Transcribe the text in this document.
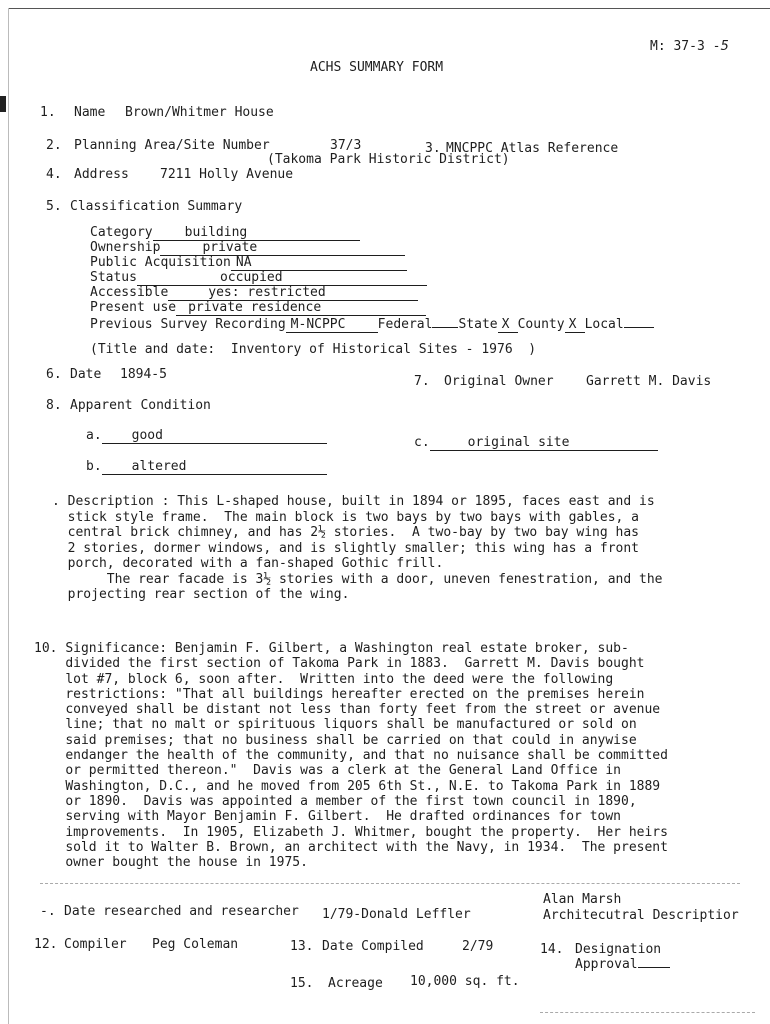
M: 37-3 -5
ACHS SUMMARY FORM
1. Name Brown/Whitmer House
2. Planning Area/Site Number	37/3	3. MNCPPC Atlas Reference
(Takoma Park Historic District)
4. Address 7211 Holly Avenue
5. Classification Summary
Category building
Ownership	private
Public Acquisition NA
Status	occupied
Accessible	yes: restricted
Present use private residence
Previous Survey Recording M-NCPPC Federal State X County X Local
(Title and date:  Inventory of Historical Sites - 1976  )
6. Date 1894-5	7. Original Owner Garrett M. Davis
8. Apparent Condition
a. good
b. altered
c.	original site
. Description : This L-shaped house, built in 1894 or 1895, faces east and is
stick style frame.  The main block is two bays by two bays with gables, a
central brick chimney, and has 2½ stories.  A two-bay by two bay wing has
2 stories, dormer windows, and is slightly smaller; this wing has a front
porch, decorated with a fan-shaped Gothic frill.
The rear facade is 3½ stories with a door, uneven fenestration, and the
projecting rear section of the wing.
10. Significance: Benjamin F. Gilbert, a Washington real estate broker, sub-
divided the first section of Takoma Park in 1883.  Garrett M. Davis bought
lot #7, block 6, soon after.  Written into the deed were the following
restrictions: "That all buildings hereafter erected on the premises herein
conveyed shall be distant not less than forty feet from the street or avenue
line; that no malt or spirituous liquors shall be manufactured or sold on
said premises; that no business shall be carried on that could in anywise
endanger the health of the community, and that no nuisance shall be committed
or permitted thereon."  Davis was a clerk at the General Land Office in
Washington, D.C., and he moved from 205 6th St., N.E. to Takoma Park in 1889
or 1890.  Davis was appointed a member of the first town council in 1890,
serving with Mayor Benjamin F. Gilbert.  He drafted ordinances for town
improvements.  In 1905, Elizabeth J. Whitmer, bought the property.  Her heirs
sold it to Walter B. Brown, an architect with the Navy, in 1934.  The present
owner bought the house in 1975.
-. Date researched and researcher 1/79-Donald Leffler
Alan Marsh
Architecutral Descriptior
12. Compiler Peg Coleman	13. Date Compiled	2/79	14. Designation
Approval
15. Acreage 10,000 sq. ft.
